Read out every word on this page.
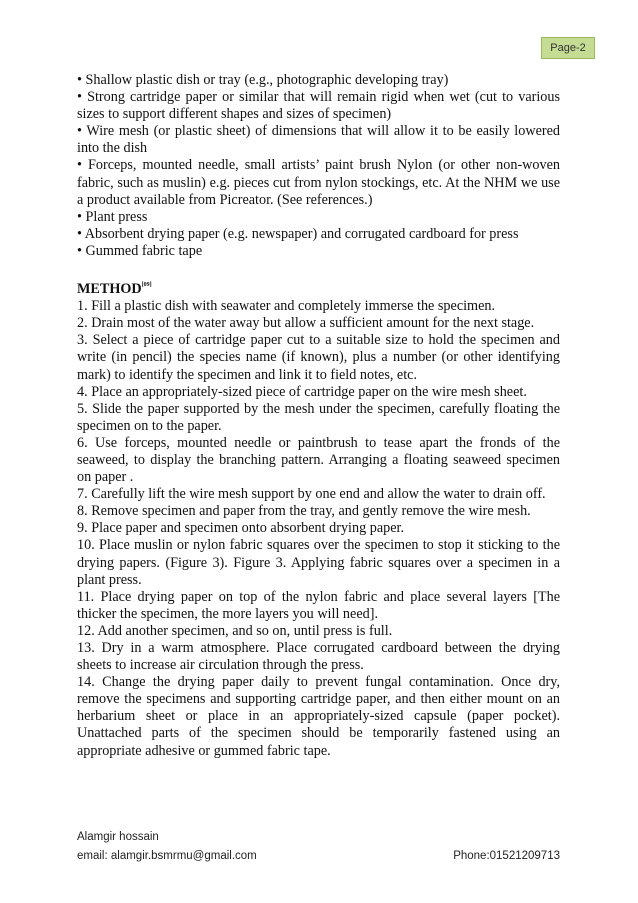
Page-2

• Shallow plastic dish or tray (e.g., photographic developing tray)

• Strong cartridge paper or similar that will remain rigid when wet (cut to various sizes to support different shapes and sizes of specimen)

• Wire mesh (or plastic sheet) of dimensions that will allow it to be easily lowered into the dish

• Forceps, mounted needle, small artists’ paint brush Nylon (or other non-woven fabric, such as muslin) e.g. pieces cut from nylon stockings, etc. At the NHM we use a product available from Picreator. (See references.)

• Plant press

• Absorbent drying paper (e.g. newspaper) and corrugated cardboard for press

• Gummed fabric tape

METHOD[09]

1. Fill a plastic dish with seawater and completely immerse the specimen.

2. Drain most of the water away but allow a sufficient amount for the next stage.

3. Select a piece of cartridge paper cut to a suitable size to hold the specimen and write (in pencil) the species name (if known), plus a number (or other identifying mark) to identify the specimen and link it to field notes, etc.

4. Place an appropriately-sized piece of cartridge paper on the wire mesh sheet.

5. Slide the paper supported by the mesh under the specimen, carefully floating the specimen on to the paper.

6. Use forceps, mounted needle or paintbrush to tease apart the fronds of the seaweed, to display the branching pattern. Arranging a floating seaweed specimen on paper .

7. Carefully lift the wire mesh support by one end and allow the water to drain off.

8. Remove specimen and paper from the tray, and gently remove the wire mesh.

9. Place paper and specimen onto absorbent drying paper.

10. Place muslin or nylon fabric squares over the specimen to stop it sticking to the drying papers. (Figure 3). Figure 3. Applying fabric squares over a specimen in a plant press.

11. Place drying paper on top of the nylon fabric and place several layers [The thicker the specimen, the more layers you will need].

12. Add another specimen, and so on, until press is full.

13. Dry in a warm atmosphere. Place corrugated cardboard between the drying sheets to increase air circulation through the press.

14. Change the drying paper daily to prevent fungal contamination. Once dry, remove the specimens and supporting cartridge paper, and then either mount on an herbarium sheet or place in an appropriately-sized capsule (paper pocket). Unattached parts of the specimen should be temporarily fastened using an appropriate adhesive or gummed fabric tape.

Alamgir hossain
email: alamgir.bsmrmu@gmail.com	Phone:01521209713
